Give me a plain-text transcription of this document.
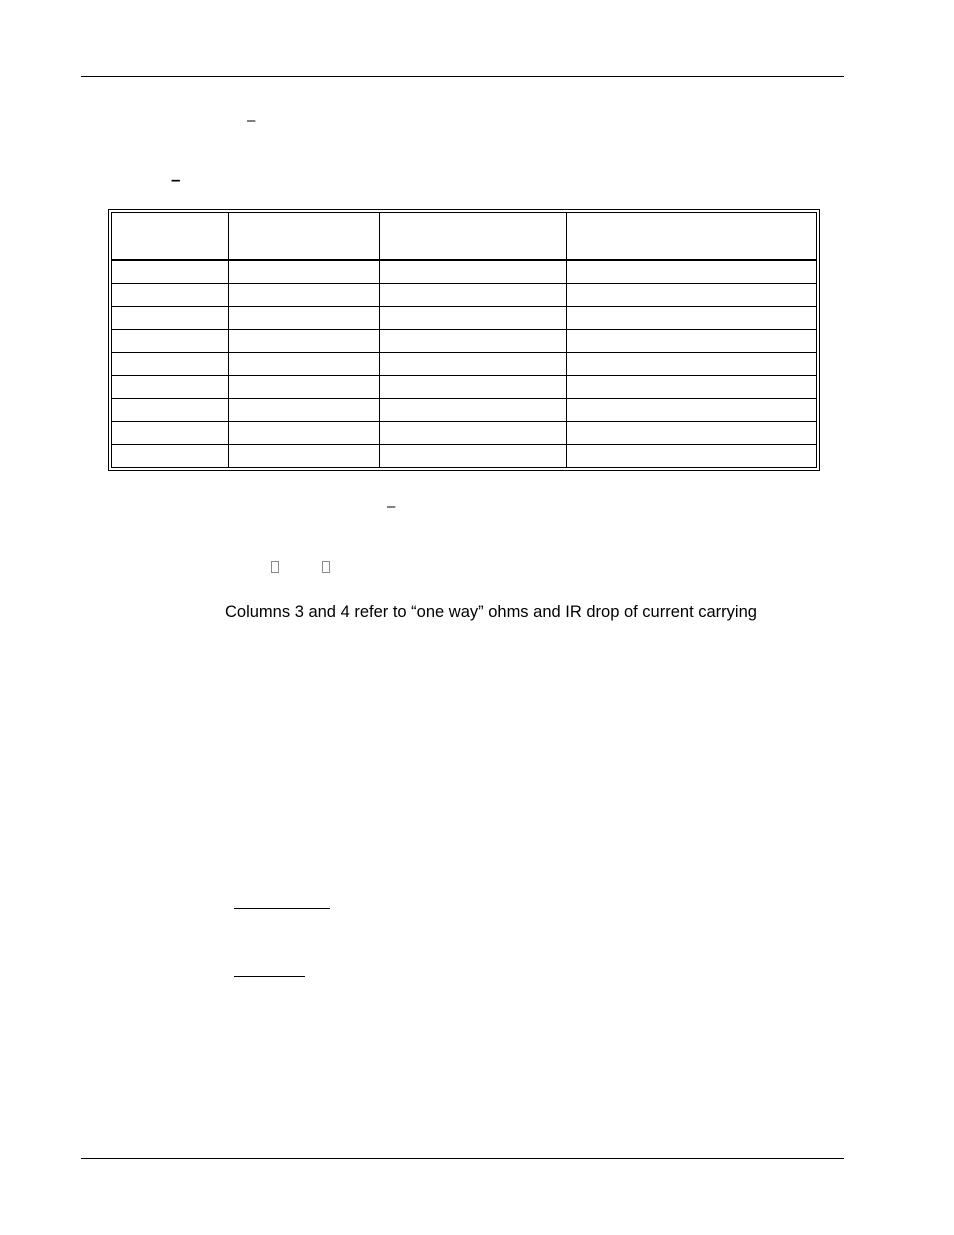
–
–

–
Columns 3 and 4 refer to “one way” ohms and IR drop of current carrying
